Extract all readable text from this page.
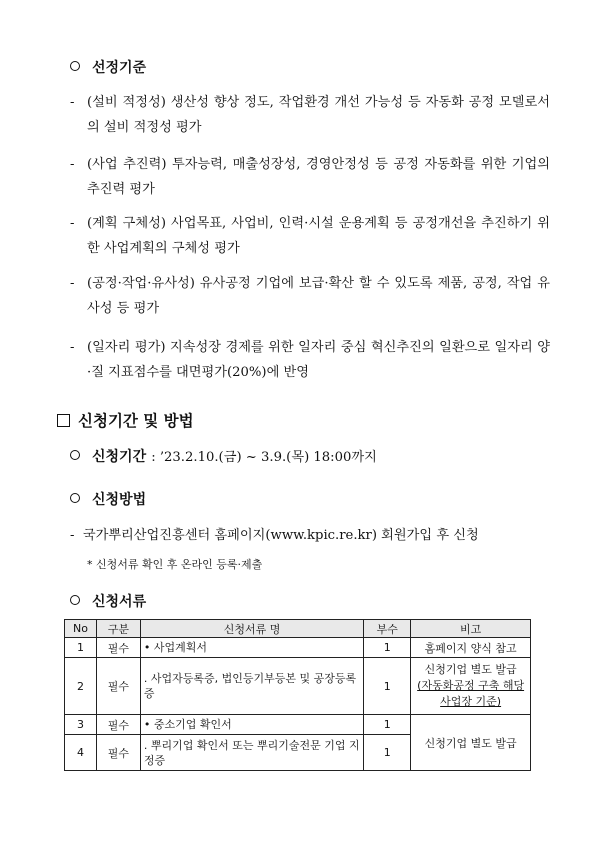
선정기준
- (설비 적정성) 생산성 향상 정도, 작업환경 개선 가능성 등 자동화 공정 모델로서의 설비 적정성 평가
- (사업 추진력) 투자능력, 매출성장성, 경영안정성 등 공정 자동화를 위한 기업의 추진력 평가
- (계획 구체성) 사업목표, 사업비, 인력·시설 운용계획 등 공정개선을 추진하기 위한 사업계획의 구체성 평가
- (공정·작업·유사성) 유사공정 기업에 보급·확산 할 수 있도록 제품, 공정, 작업 유사성 등 평가
- (일자리 평가) 지속성장 경제를 위한 일자리 중심 혁신추진의 일환으로 일자리 양·질 지표점수를 대면평가(20%)에 반영
신청기간 및 방법
신청기간 : ’23.2.10.(금) ~ 3.9.(목) 18:00까지
신청방법
-  국가뿌리산업진흥센터 홈페이지(www.kpic.re.kr) 회원가입 후 신청
* 신청서류 확인 후 온라인 등록·제출
신청서류
No	구분	신청서류 명	부수	비고
1	필수	• 사업계획서	1	홈페이지 양식 참고
2	필수	. 사업자등록증, 법인등기부등본 및 공장등록증	1	신청기업 별도 발급
(자동화공정 구축 해당사업장 기준)

3	필수	• 중소기업 확인서	1	신청기업 별도 발급
4	필수	. 뿌리기업 확인서 또는 뿌리기술전문 기업 지정증	1	
